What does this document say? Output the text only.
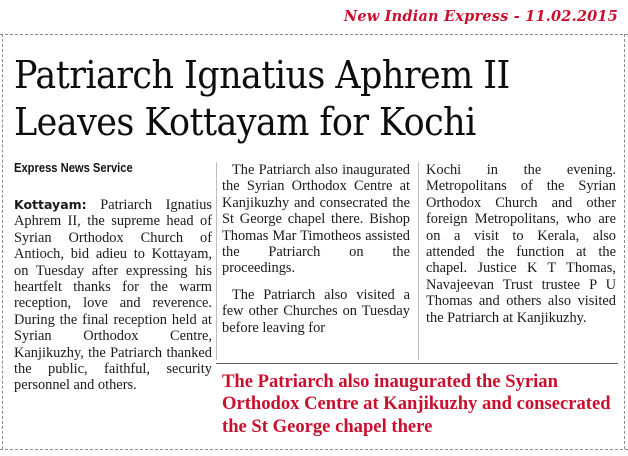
New Indian Express - 11.02.2015
Patriarch Ignatius Aphrem II
Leaves Kottayam for Kochi
Express News Service

Kottayam: Patriarch Ignatius Aphrem II, the supreme head of Syrian Orthodox Church of Antioch, bid adieu to Kottayam, on Tuesday after expressing his heartfelt thanks for the warm reception, love and reverence. During the final reception held at Syrian Orthodox Centre, Kanjikuzhy, the Patriarch thanked the public, faithful, security personnel and others.

The Patriarch also inaugurated the Syrian Orthodox Centre at Kanjikuzhy and consecrated the St George chapel there. Bishop Thomas Mar Timotheos assisted the Patriarch on the proceedings.

The Patriarch also visited a few other Churches on Tuesday before leaving for

Kochi in the evening. Metropolitans of the Syrian Orthodox Church and other foreign Metropolitans, who are on a visit to Kerala, also attended the function at the chapel. Justice K T Thomas, Navajeevan Trust trustee P U Thomas and others also visited the Patriarch at Kanjikuzhy.

The Patriarch also inaugurated the Syrian Orthodox Centre at Kanjikuzhy and consecrated the St George chapel there
